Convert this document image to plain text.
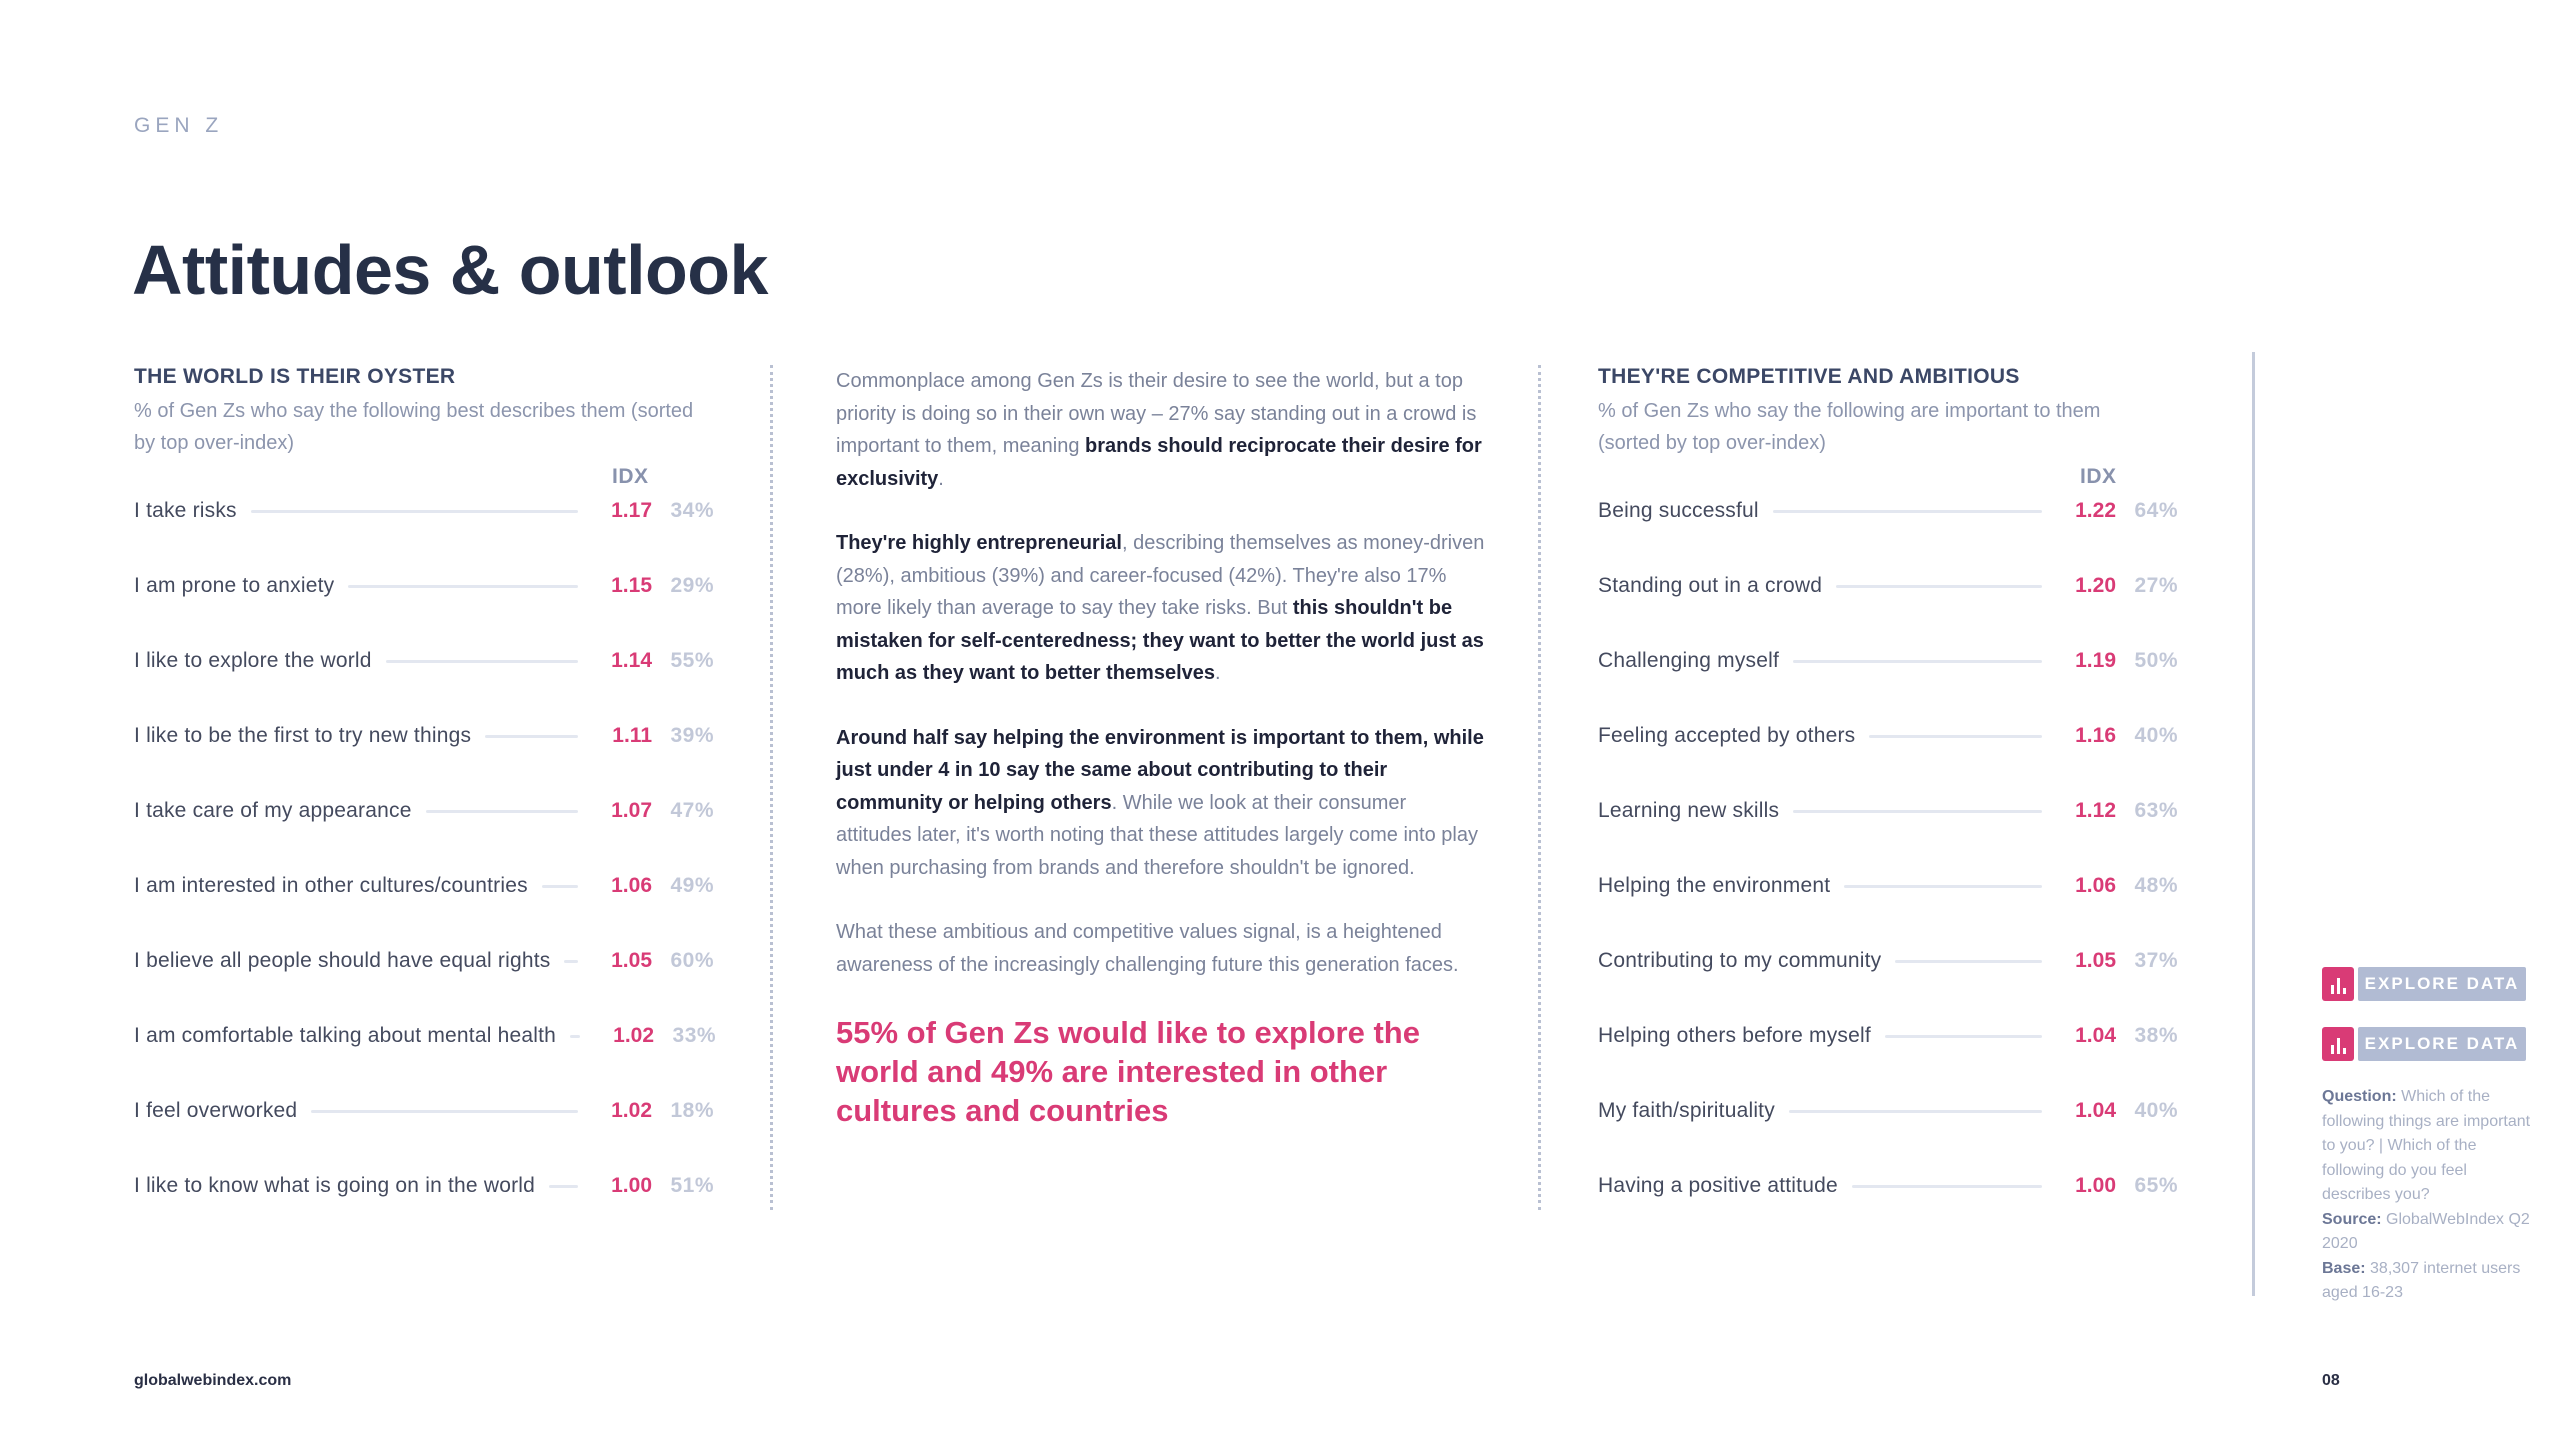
GEN Z
Attitudes & outlook
THE WORLD IS THEIR OYSTER
% of Gen Zs who say the following best describes them (sorted by top over-index)
IDX
I take risks	1.17 34%
I am prone to anxiety	1.15 29%
I like to explore the world	1.14 55%
I like to be the first to try new things	1.11 39%
I take care of my appearance	1.07 47%
I am interested in other cultures/countries	1.06 49%
I believe all people should have equal rights	1.05 60%
I am comfortable talking about mental health	1.02 33%
I feel overworked	1.02 18%
I like to know what is going on in the world	1.00 51%

Commonplace among Gen Zs is their desire to see the world, but a top priority is doing so in their own way – 27% say standing out in a crowd is important to them, meaning brands should reciprocate their desire for exclusivity.

They're highly entrepreneurial, describing themselves as money-driven (28%), ambitious (39%) and career-focused (42%). They're also 17% more likely than average to say they take risks. But this shouldn't be mistaken for self-centeredness; they want to better the world just as much as they want to better themselves.

Around half say helping the environment is important to them, while just under 4 in 10 say the same about contributing to their community or helping others. While we look at their consumer attitudes later, it's worth noting that these attitudes largely come into play when purchasing from brands and therefore shouldn't be ignored.

What these ambitious and competitive values signal, is a heightened awareness of the increasingly challenging future this generation faces.

55% of Gen Zs would like to explore the world and 49% are interested in other cultures and countries
THEY'RE COMPETITIVE AND AMBITIOUS
% of Gen Zs who say the following are important to them (sorted by top over-index)
IDX
Being successful	1.22 64%
Standing out in a crowd	1.20 27%
Challenging myself	1.19 50%
Feeling accepted by others	1.16 40%
Learning new skills	1.12 63%
Helping the environment	1.06 48%
Contributing to my community	1.05 37%
Helping others before myself	1.04 38%
My faith/spirituality	1.04 40%
Having a positive attitude	1.00 65%
EXPLORE DATA
EXPLORE DATA
Question: Which of the following things are important to you? | Which of the following do you feel describes you?
Source: GlobalWebIndex Q2 2020
Base: 38,307 internet users aged 16-23
globalwebindex.com	08
